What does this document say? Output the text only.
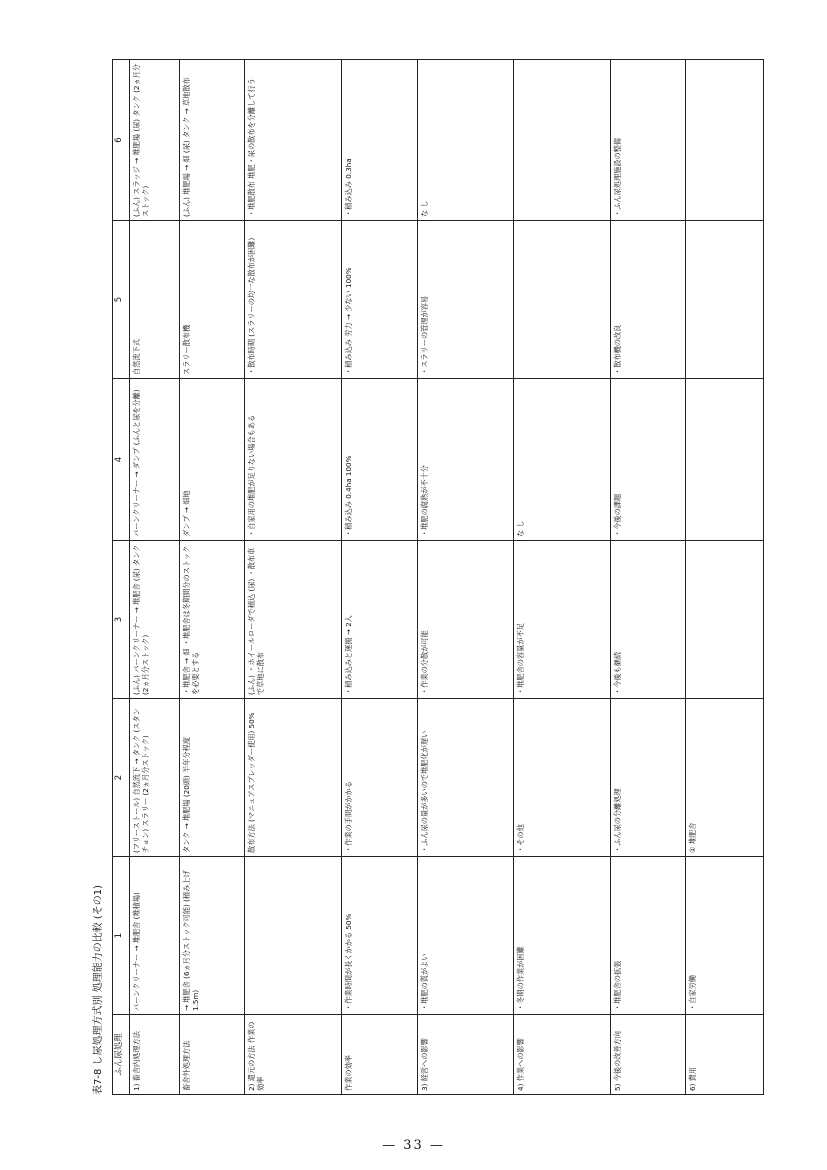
表7-8 し尿処理方式別 処理能力の比較 (その1)	ふん尿処理	1	2	3	4	5	6
1) 畜舎内処理方法	バーンクリーナー → 堆肥舎 (堆積場)	(フリーストール) 自然流下 → タンク (スタンチョン) スラリー (2ヵ月分ストック)	(ふん) バーンクリーナー → 堆肥舎 (尿) タンク (2ヵ月分ストック)	バーンクリーナー → ダンプ (ふんと尿を分離)	自然流下式	(ふん) スラッジ → 堆肥場 (尿) タンク (2ヵ月分ストック)
畜舎外処理方法	→ 堆肥舎 (6ヵ月分ストック可能) (積み上げ 1.5m)	タンク → 堆肥場 (20頭) 半年分程度	・堆肥舎 → 畑 ・堆肥舎は冬期間分のストックを必要とする	ダンプ → 畑地	スラリー散布機	(ふん) 堆肥場 → 畑 (尿) タンク → 草地散布
2) 還元の方法 作業の効率		散布方法 (マニュアスプレッダー使用) 50%	(ふん) ・ホイールローダで積込 (尿) ・散布車で草地に散布	・自家用の堆肥が足りない場合もある	・散布時期 (スラリーの均一な散布が困難)	・堆肥散布 堆肥・尿の散布を分離して行う
作業の効率	・作業時間が長くかかる 50%	・作業の手間がかかる	・積み込みと運搬 → 2人	・積み込み 0.4ha 100%	・積み込み 労力 → 少ない 100%	・積み込み 0.3ha
3) 経営への影響	・堆肥の質がよい	・ふん尿の量が多いので堆肥化が遅い	・作業の分散が可能	・堆肥の腐熟が不十分	・スラリーの管理が容易	な し
4) 作業への影響	・冬期の作業が困難	・その他	・堆肥舎の容量が不足	な し		
5) 今後の改善方向	・堆肥舎の拡張	・ふん尿の分離処理	・今後も継続	・今後の課題	・散布機の改良	・ふん尿処理施設の整備
6) 費用	・自家労働	① 堆肥舎				
— 33 —
